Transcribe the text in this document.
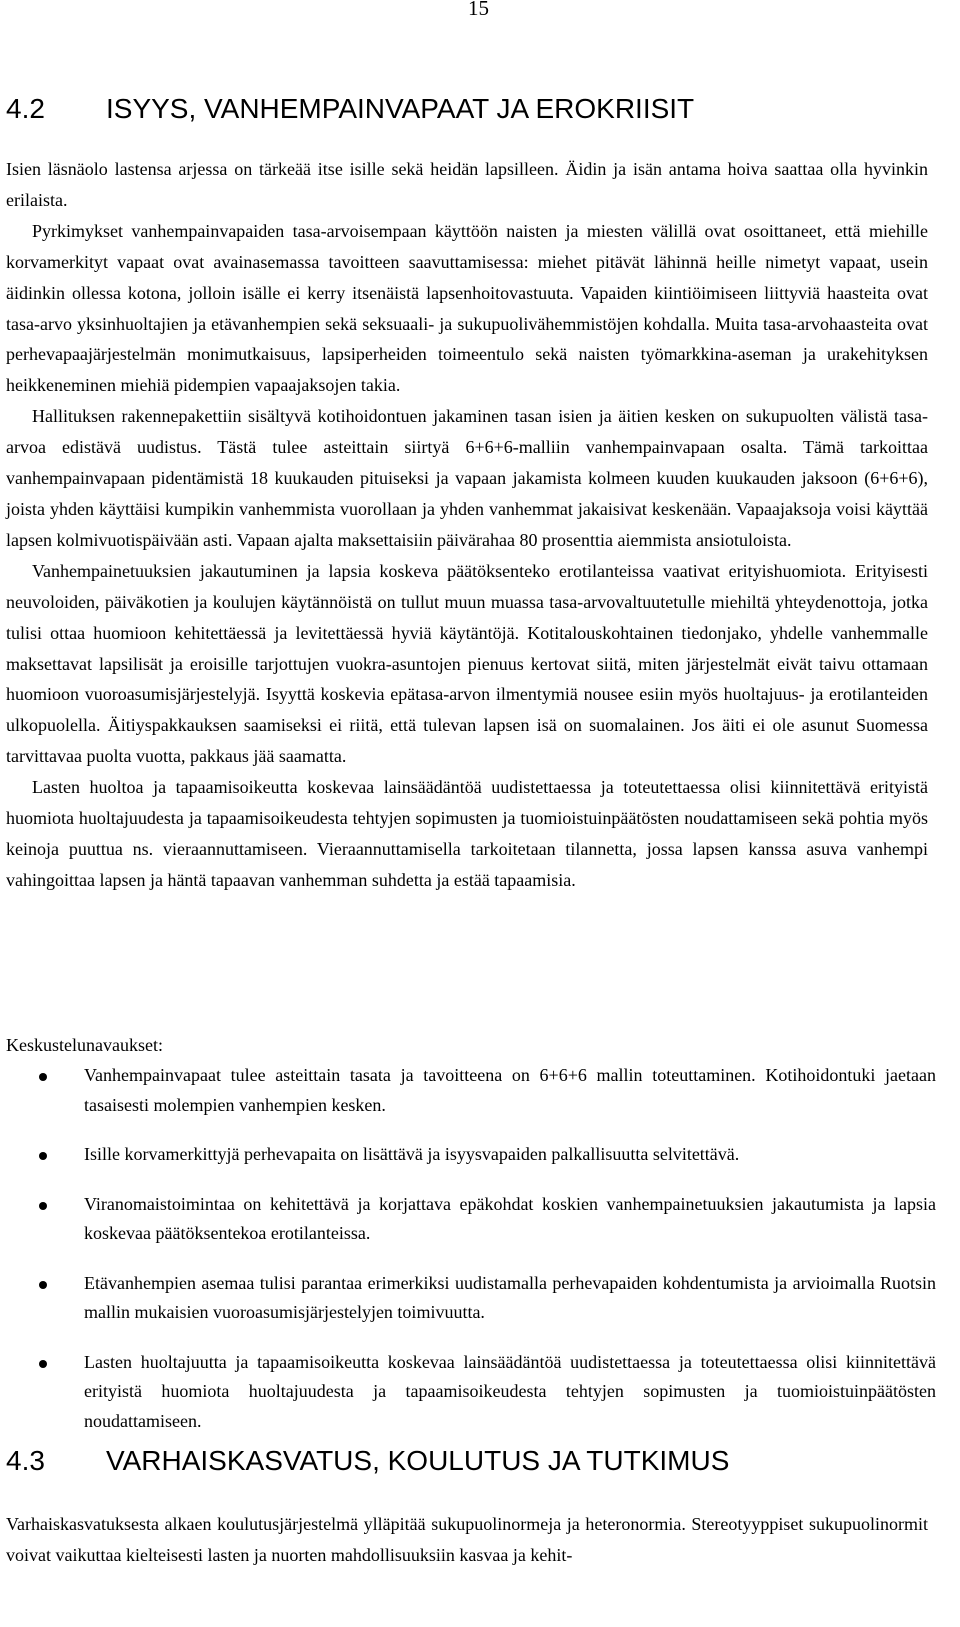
15
4.2 ISYYS, VANHEMPAINVAPAAT JA EROKRIISIT

Isien läsnäolo lastensa arjessa on tärkeää itse isille sekä heidän lapsilleen. Äidin ja isän antama hoiva saattaa olla hyvinkin erilaista.

Pyrkimykset vanhempainvapaiden tasa-arvoisempaan käyttöön naisten ja miesten välillä ovat osoittaneet, että miehille korvamerkityt vapaat ovat avainasemassa tavoitteen saavuttamisessa: miehet pitävät lähinnä heille nimetyt vapaat, usein äidinkin ollessa kotona, jolloin isälle ei kerry itsenäistä lapsenhoitovastuuta. Vapaiden kiintiöimiseen liittyviä haasteita ovat tasa-arvo yksinhuoltajien ja etävanhempien sekä seksuaali- ja sukupuolivähemmistöjen kohdalla. Muita tasa-arvohaasteita ovat perhevapaajärjestelmän monimutkaisuus, lapsiperheiden toimeentulo sekä naisten työmarkkina-aseman ja urakehityksen heikkeneminen miehiä pidempien vapaajaksojen takia.

Hallituksen rakennepakettiin sisältyvä kotihoidontuen jakaminen tasan isien ja äitien kesken on sukupuolten välistä tasa-arvoa edistävä uudistus. Tästä tulee asteittain siirtyä 6+6+6-malliin vanhempainvapaan osalta. Tämä tarkoittaa vanhempainvapaan pidentämistä 18 kuukauden pituiseksi ja vapaan jakamista kolmeen kuuden kuukauden jaksoon (6+6+6), joista yhden käyttäisi kumpikin vanhemmista vuorollaan ja yhden vanhemmat jakaisivat keskenään. Vapaajaksoja voisi käyttää lapsen kolmivuotispäivään asti. Vapaan ajalta maksettaisiin päivärahaa 80 prosenttia aiemmista ansiotuloista.

Vanhempainetuuksien jakautuminen ja lapsia koskeva päätöksenteko erotilanteissa vaativat erityishuomiota. Erityisesti neuvoloiden, päiväkotien ja koulujen käytännöistä on tullut muun muassa tasa-arvovaltuutetulle miehiltä yhteydenottoja, jotka tulisi ottaa huomioon kehitettäessä ja levitettäessä hyviä käytäntöjä. Kotitalouskohtainen tiedonjako, yhdelle vanhemmalle maksettavat lapsilisät ja eroisille tarjottujen vuokra-asuntojen pienuus kertovat siitä, miten järjestelmät eivät taivu ottamaan huomioon vuoroasumisjärjestelyjä. Isyyttä koskevia epätasa-arvon ilmentymiä nousee esiin myös huoltajuus- ja erotilanteiden ulkopuolella. Äitiyspakkauksen saamiseksi ei riitä, että tulevan lapsen isä on suomalainen. Jos äiti ei ole asunut Suomessa tarvittavaa puolta vuotta, pakkaus jää saamatta.

Lasten huoltoa ja tapaamisoikeutta koskevaa lainsäädäntöä uudistettaessa ja toteutettaessa olisi kiinnitettävä erityistä huomiota huoltajuudesta ja tapaamisoikeudesta tehtyjen sopimusten ja tuomioistuinpäätösten noudattamiseen sekä pohtia myös keinoja puuttua ns. vieraannuttamiseen. Vieraannuttamisella tarkoitetaan tilannetta, jossa lapsen kanssa asuva vanhempi vahingoittaa lapsen ja häntä tapaavan vanhemman suhdetta ja estää tapaamisia.

Keskustelunavaukset:
Vanhempainvapaat tulee asteittain tasata ja tavoitteena on 6+6+6 mallin toteuttaminen. Kotihoidontuki jaetaan tasaisesti molempien vanhempien kesken.
Isille korvamerkittyjä perhevapaita on lisättävä ja isyysvapaiden palkallisuutta selvitettävä.
Viranomaistoimintaa on kehitettävä ja korjattava epäkohdat koskien vanhempainetuuksien jakautumista ja lapsia koskevaa päätöksentekoa erotilanteissa.
Etävanhempien asemaa tulisi parantaa erimerkiksi uudistamalla perhevapaiden kohdentumista ja arvioimalla Ruotsin mallin mukaisien vuoroasumisjärjestelyjen toimivuutta.
Lasten huoltajuutta ja tapaamisoikeutta koskevaa lainsäädäntöä uudistettaessa ja toteutettaessa olisi kiinnitettävä erityistä huomiota huoltajuudesta ja tapaamisoikeudesta tehtyjen sopimusten ja tuomioistuinpäätösten noudattamiseen.
4.3 VARHAISKASVATUS, KOULUTUS JA TUTKIMUS

Varhaiskasvatuksesta alkaen koulutusjärjestelmä ylläpitää sukupuolinormeja ja heteronormia. Stereotyyppiset sukupuolinormit voivat vaikuttaa kielteisesti lasten ja nuorten mahdollisuuksiin kasvaa ja kehit-
